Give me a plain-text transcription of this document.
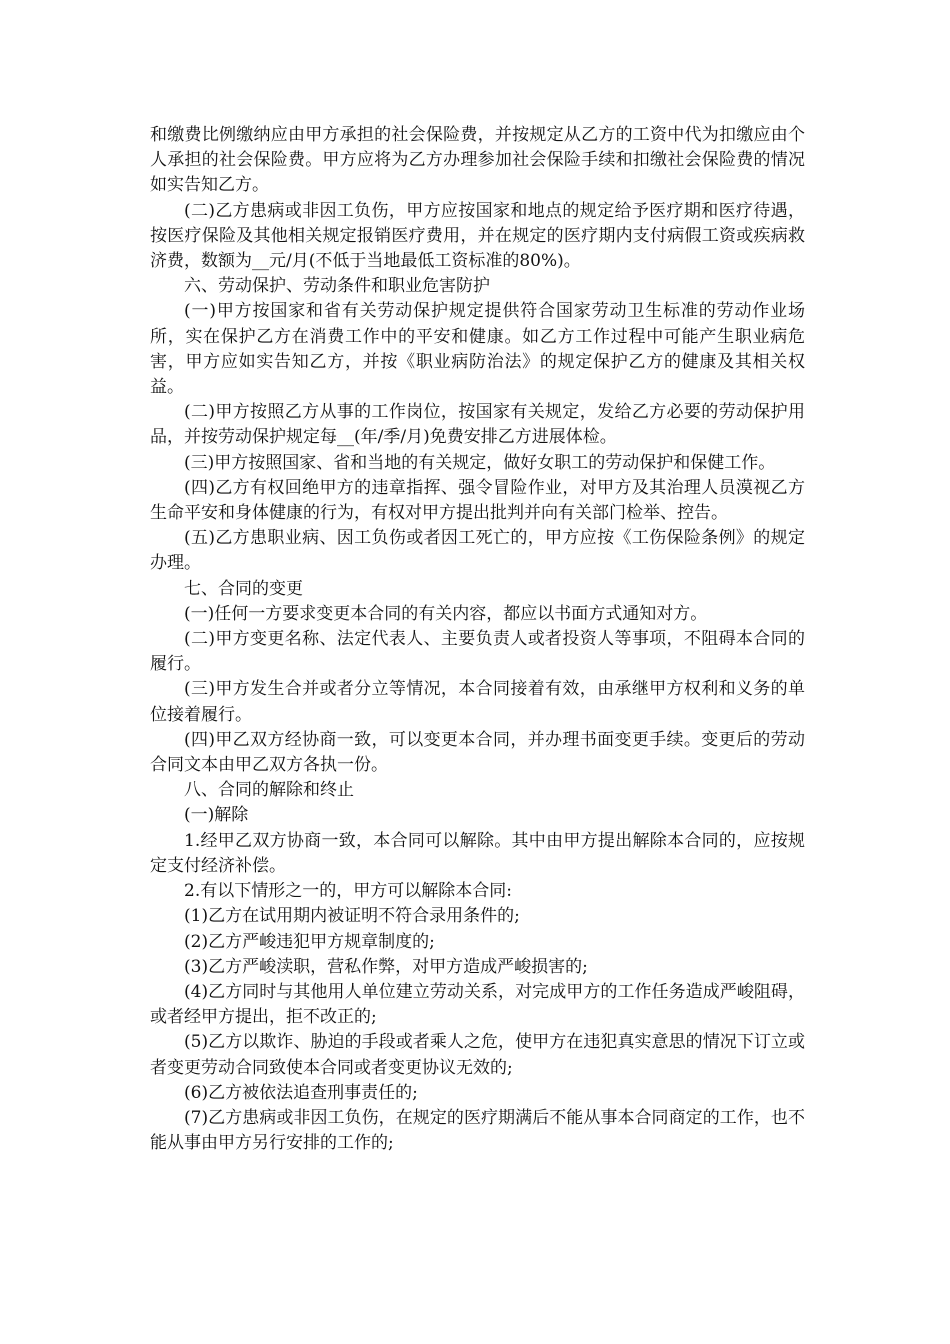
和缴费比例缴纳应由甲方承担的社会保险费，并按规定从乙方的工资中代为扣缴应由个人承担的社会保险费。甲方应将为乙方办理参加社会保险手续和扣缴社会保险费的情况如实告知乙方。

(二)乙方患病或非因工负伤，甲方应按国家和地点的规定给予医疗期和医疗待遇，按医疗保险及其他相关规定报销医疗费用，并在规定的医疗期内支付病假工资或疾病救济费，数额为__元/月(不低于当地最低工资标准的80%)。

六、劳动保护、劳动条件和职业危害防护

(一)甲方按国家和省有关劳动保护规定提供符合国家劳动卫生标准的劳动作业场所，实在保护乙方在消费工作中的平安和健康。如乙方工作过程中可能产生职业病危害，甲方应如实告知乙方，并按《职业病防治法》的规定保护乙方的健康及其相关权益。

(二)甲方按照乙方从事的工作岗位，按国家有关规定，发给乙方必要的劳动保护用品，并按劳动保护规定每__(年/季/月)免费安排乙方进展体检。

(三)甲方按照国家、省和当地的有关规定，做好女职工的劳动保护和保健工作。

(四)乙方有权回绝甲方的违章指挥、强令冒险作业，对甲方及其治理人员漠视乙方生命平安和身体健康的行为，有权对甲方提出批判并向有关部门检举、控告。

(五)乙方患职业病、因工负伤或者因工死亡的，甲方应按《工伤保险条例》的规定办理。

七、合同的变更

(一)任何一方要求变更本合同的有关内容，都应以书面方式通知对方。

(二)甲方变更名称、法定代表人、主要负责人或者投资人等事项，不阻碍本合同的履行。

(三)甲方发生合并或者分立等情况，本合同接着有效，由承继甲方权利和义务的单位接着履行。

(四)甲乙双方经协商一致，可以变更本合同，并办理书面变更手续。变更后的劳动合同文本由甲乙双方各执一份。

八、合同的解除和终止

(一)解除

1.经甲乙双方协商一致，本合同可以解除。其中由甲方提出解除本合同的，应按规定支付经济补偿。

2.有以下情形之一的，甲方可以解除本合同:

(1)乙方在试用期内被证明不符合录用条件的;

(2)乙方严峻违犯甲方规章制度的;

(3)乙方严峻渎职，营私作弊，对甲方造成严峻损害的;

(4)乙方同时与其他用人单位建立劳动关系，对完成甲方的工作任务造成严峻阻碍，或者经甲方提出，拒不改正的;

(5)乙方以欺诈、胁迫的手段或者乘人之危，使甲方在违犯真实意思的情况下订立或者变更劳动合同致使本合同或者变更协议无效的;

(6)乙方被依法追查刑事责任的;

(7)乙方患病或非因工负伤，在规定的医疗期满后不能从事本合同商定的工作，也不能从事由甲方另行安排的工作的;
